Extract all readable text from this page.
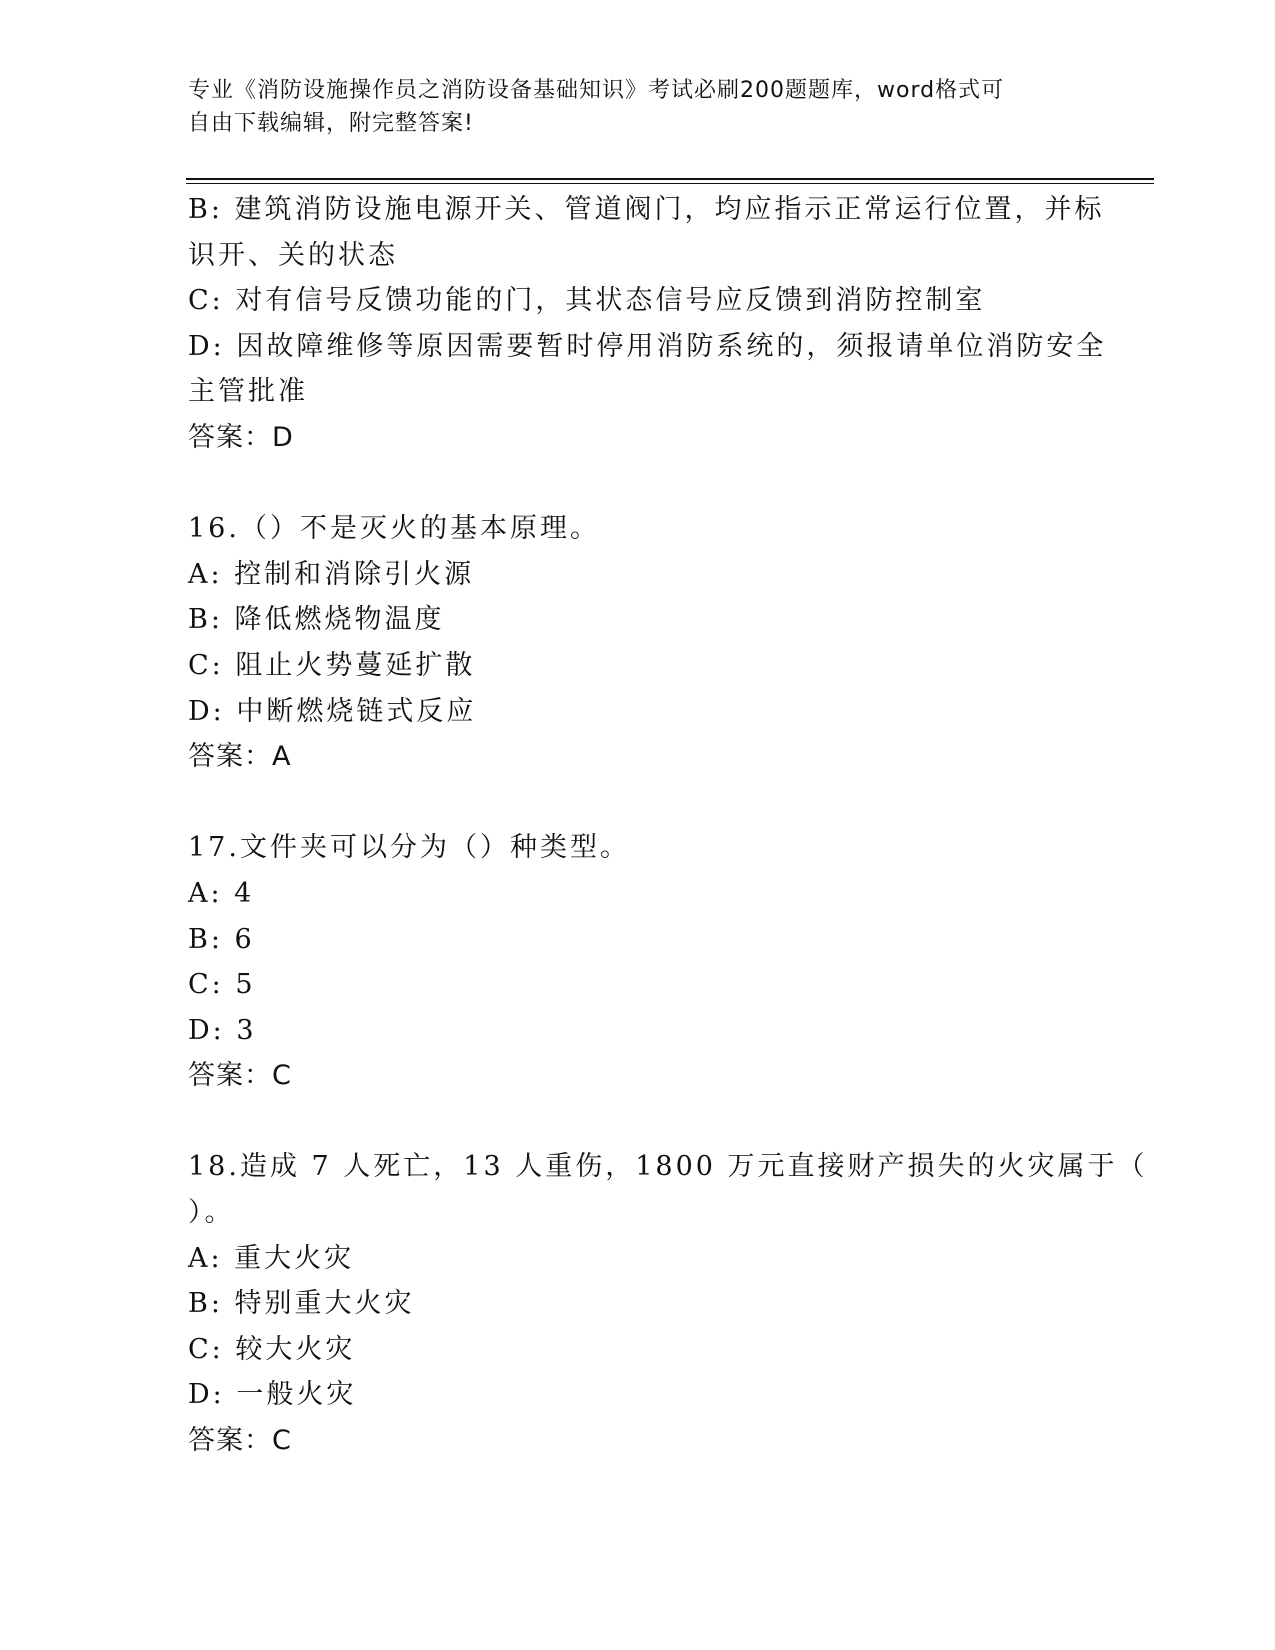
专业《消防设施操作员之消防设备基础知识》考试必刷200题题库，word格式可
自由下载编辑，附完整答案!
B: 建筑消防设施电源开关、管道阀门，均应指示正常运行位置，并标
识开、关的状态
C: 对有信号反馈功能的门，其状态信号应反馈到消防控制室
D: 因故障维修等原因需要暂时停用消防系统的，须报请单位消防安全
主管批准
答案：D
16.（）不是灭火的基本原理。
A: 控制和消除引火源
B: 降低燃烧物温度
C: 阻止火势蔓延扩散
D: 中断燃烧链式反应
答案：A
17.文件夹可以分为（）种类型。
A: 4
B: 6
C: 5
D: 3
答案：C
18.造成 7 人死亡，13 人重伤，1800 万元直接财产损失的火灾属于（
）。
A: 重大火灾
B: 特别重大火灾
C: 较大火灾
D: 一般火灾
答案：C
